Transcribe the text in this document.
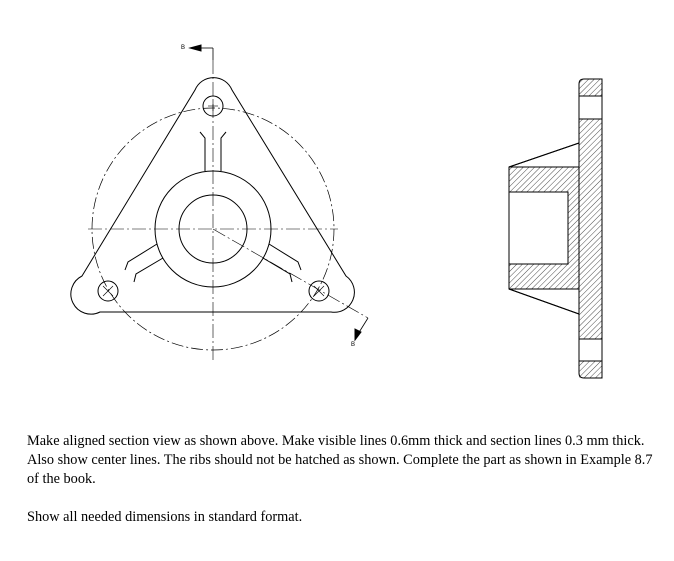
B
B

Make aligned section view as shown above. Make visible lines 0.6mm thick and section lines 0.3 mm thick. Also show center lines. The ribs should not be hatched as shown. Complete the part as shown in Example 8.7 of the book.

Show all needed dimensions in standard format.
